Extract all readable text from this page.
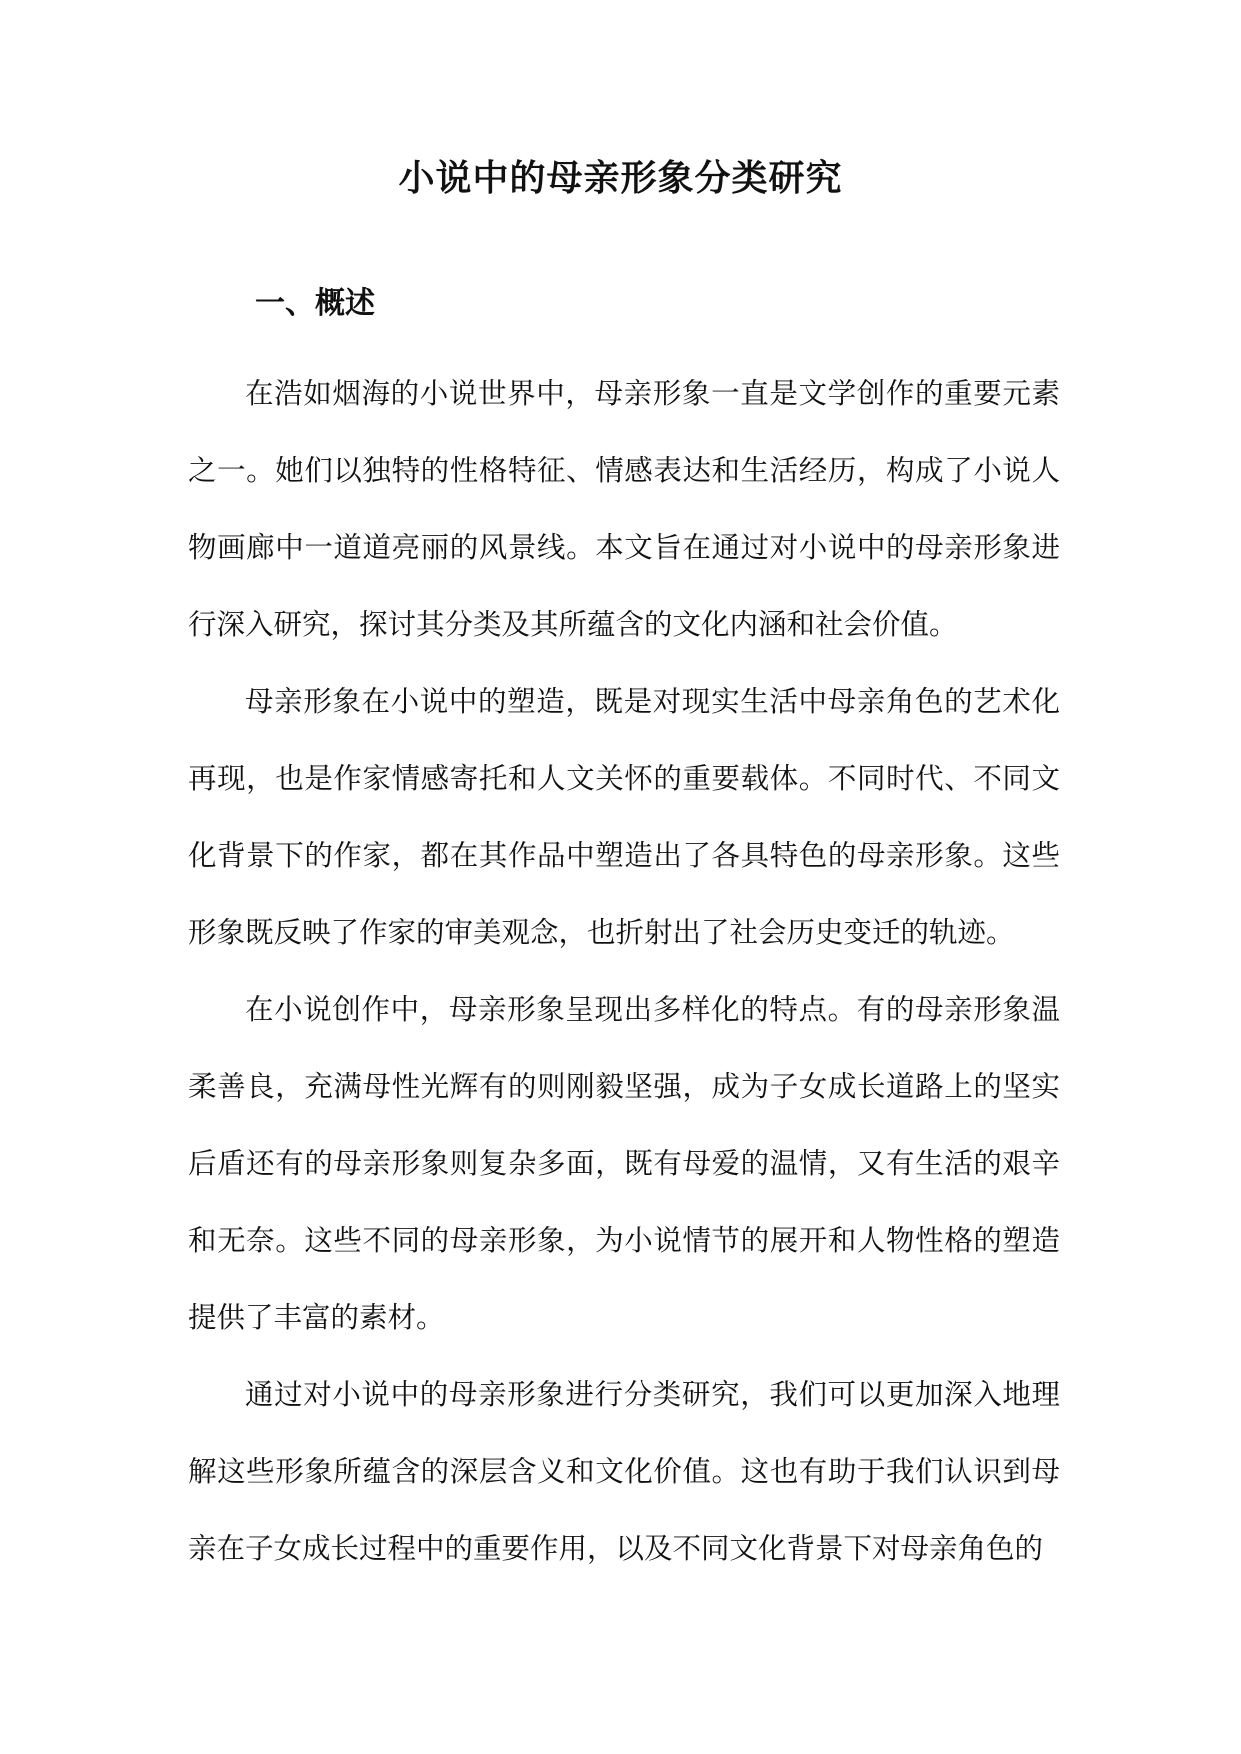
小说中的母亲形象分类研究
一、概述

在浩如烟海的小说世界中，母亲形象一直是文学创作的重要元素之一。她们以独特的性格特征、情感表达和生活经历，构成了小说人物画廊中一道道亮丽的风景线。本文旨在通过对小说中的母亲形象进行深入研究，探讨其分类及其所蕴含的文化内涵和社会价值。

母亲形象在小说中的塑造，既是对现实生活中母亲角色的艺术化再现，也是作家情感寄托和人文关怀的重要载体。不同时代、不同文化背景下的作家，都在其作品中塑造出了各具特色的母亲形象。这些形象既反映了作家的审美观念，也折射出了社会历史变迁的轨迹。

在小说创作中，母亲形象呈现出多样化的特点。有的母亲形象温柔善良，充满母性光辉有的则刚毅坚强，成为子女成长道路上的坚实后盾还有的母亲形象则复杂多面，既有母爱的温情，又有生活的艰辛和无奈。这些不同的母亲形象，为小说情节的展开和人物性格的塑造提供了丰富的素材。

通过对小说中的母亲形象进行分类研究，我们可以更加深入地理解这些形象所蕴含的深层含义和文化价值。这也有助于我们认识到母亲在子女成长过程中的重要作用，以及不同文化背景下对母亲角色的
